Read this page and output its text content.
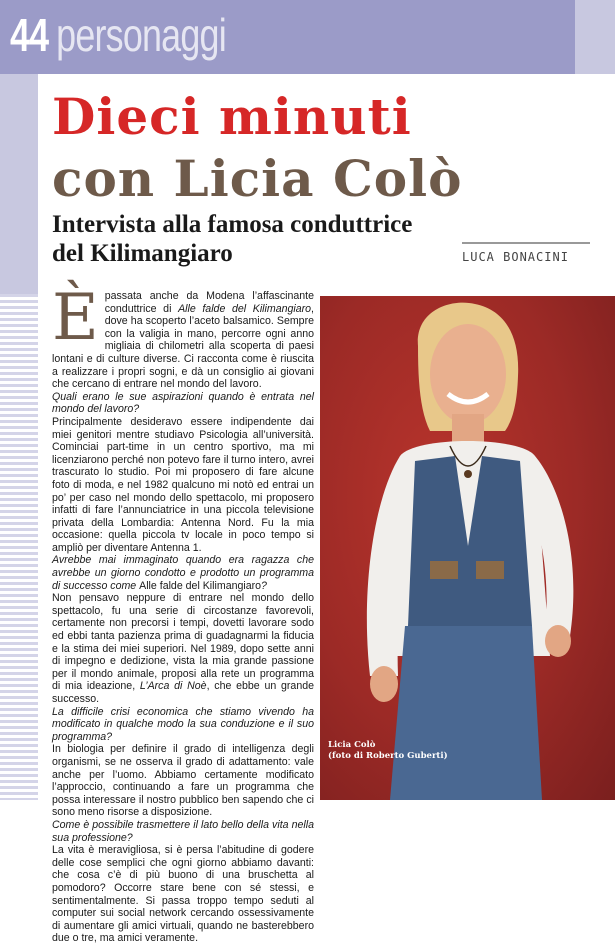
44 personaggi
Dieci minuti
con Licia Colò
Intervista alla famosa conduttrice del Kilimangiaro	LUCA BONACINI

È passata anche da Modena l’affascinante conduttrice di Alle falde del Kilimangiaro, dove ha scoperto l’aceto balsamico. Sempre con la valigia in mano, percorre ogni anno migliaia di chilometri alla scoperta di paesi lontani e di culture diverse. Ci racconta come è riuscita a realizzare i propri sogni, e dà un consiglio ai giovani che cercano di entrare nel mondo del lavoro.

Quali erano le sue aspirazioni quando è entrata nel mondo del lavoro?

Principalmente desideravo essere indipendente dai miei genitori mentre studiavo Psicologia all’università. Cominciai part-time in un centro sportivo, ma mi licenziarono perché non potevo fare il turno intero, avrei trascurato lo studio. Poi mi proposero di fare alcune foto di moda, e nel 1982 qualcuno mi notò ed entrai un po’ per caso nel mondo dello spettacolo, mi proposero infatti di fare l’annunciatrice in una piccola televisione privata della Lombardia: Antenna Nord. Fu la mia occasione: quella piccola tv locale in poco tempo si ampliò per diventare Antenna 1.

Avrebbe mai immaginato quando era ragazza che avrebbe un giorno condotto e prodotto un programma di successo come Alle falde del Kilimangiaro?

Non pensavo neppure di entrare nel mondo dello spettacolo, fu una serie di circostanze favorevoli, certamente non precorsi i tempi, dovetti lavorare sodo ed ebbi tanta pazienza prima di guadagnarmi la fiducia e la stima dei miei superiori. Nel 1989, dopo sette anni di impegno e dedizione, vista la mia grande passione per il mondo animale, proposi alla rete un programma di mia ideazione, L’Arca di Noè, che ebbe un grande successo.

La difficile crisi economica che stiamo vivendo ha modificato in qualche modo la sua conduzione e il suo programma?

In biologia per definire il grado di intelligenza degli organismi, se ne osserva il grado di adattamento: vale anche per l’uomo. Abbiamo certamente modificato l’approccio, continuando a fare un programma che possa interessare il nostro pubblico ben sapendo che ci sono meno risorse a disposizione.

Come è possibile trasmettere il lato bello della vita nella sua professione?

La vita è meravigliosa, si è persa l’abitudine di godere delle cose semplici che ogni giorno abbiamo davanti: che cosa c’è di più buono di una bruschetta al pomodoro? Occorre stare bene con sé stessi, e sentimentalmente. Si passa troppo tempo seduti al computer sui social network cercando ossessivamente di aumentare gli amici virtuali, quando ne basterebbero due o tre, ma amici veramente.

Licia Colò
(foto di Roberto Guberti)
